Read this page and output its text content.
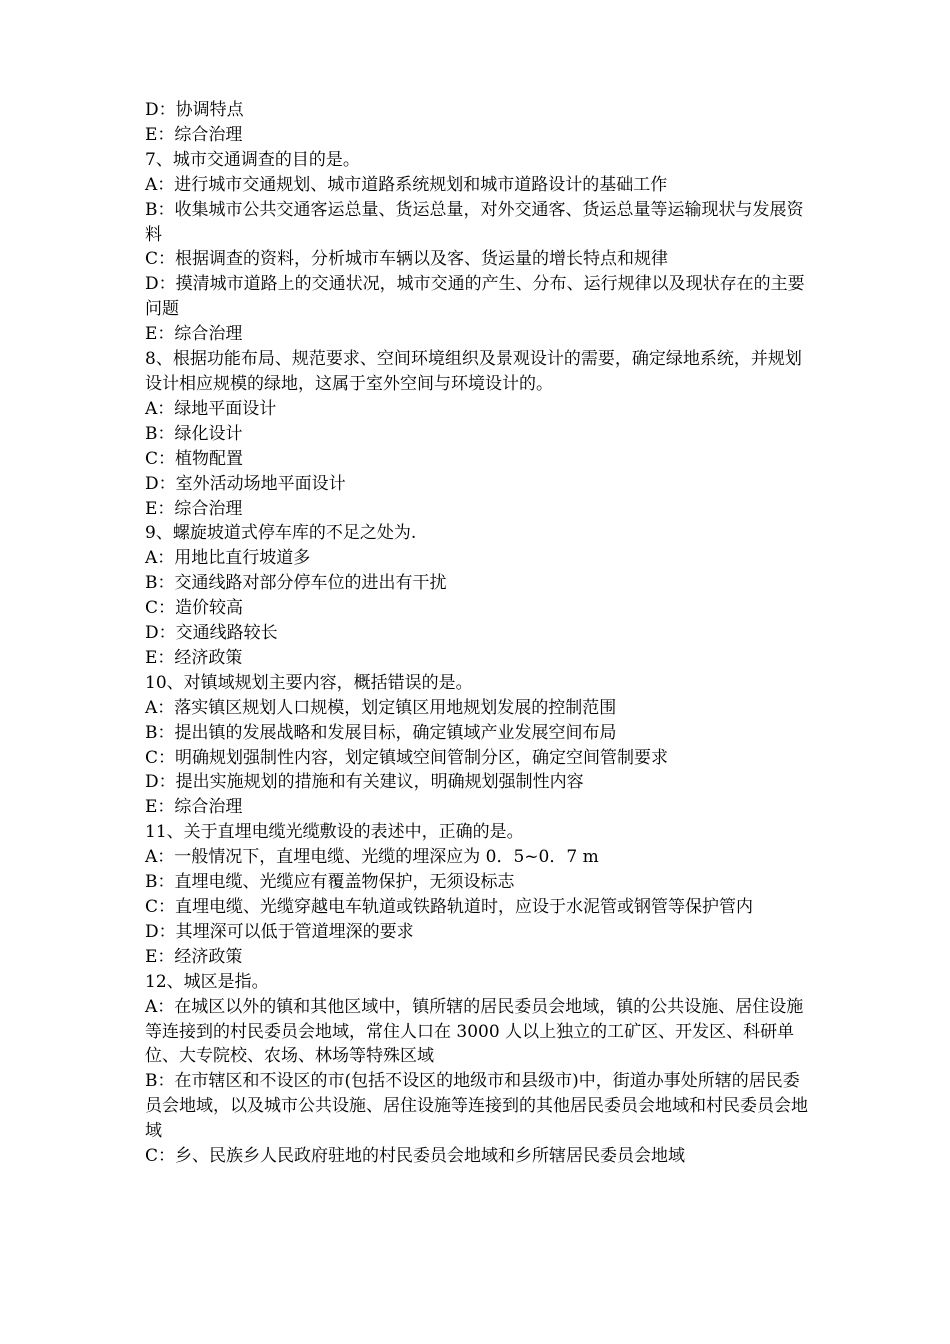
D：协调特点
E：综合治理
7、城市交通调查的目的是。
A：进行城市交通规划、城市道路系统规划和城市道路设计的基础工作
B：收集城市公共交通客运总量、货运总量，对外交通客、货运总量等运输现状与发展资料
C：根据调查的资料，分析城市车辆以及客、货运量的增长特点和规律
D：摸清城市道路上的交通状况，城市交通的产生、分布、运行规律以及现状存在的主要问题
E：综合治理
8、根据功能布局、规范要求、空间环境组织及景观设计的需要，确定绿地系统，并规划设计相应规模的绿地，这属于室外空间与环境设计的。
A：绿地平面设计
B：绿化设计
C：植物配置
D：室外活动场地平面设计
E：综合治理
9、螺旋坡道式停车库的不足之处为.
A：用地比直行坡道多
B：交通线路对部分停车位的进出有干扰
C：造价较高
D：交通线路较长
E：经济政策
10、对镇域规划主要内容，概括错误的是。
A：落实镇区规划人口规模，划定镇区用地规划发展的控制范围
B：提出镇的发展战略和发展目标，确定镇域产业发展空间布局
C：明确规划强制性内容，划定镇域空间管制分区，确定空间管制要求
D：提出实施规划的措施和有关建议，明确规划强制性内容
E：综合治理
11、关于直埋电缆光缆敷设的表述中，正确的是。
A：一般情况下，直埋电缆、光缆的埋深应为 0．5~0．7 m
B：直埋电缆、光缆应有覆盖物保护，无须设标志
C：直埋电缆、光缆穿越电车轨道或铁路轨道时，应设于水泥管或钢管等保护管内
D：其埋深可以低于管道埋深的要求
E：经济政策
12、城区是指。
A：在城区以外的镇和其他区域中，镇所辖的居民委员会地域，镇的公共设施、居住设施等连接到的村民委员会地域，常住人口在 3000 人以上独立的工矿区、开发区、科研单位、大专院校、农场、林场等特殊区域
B：在市辖区和不设区的市(包括不设区的地级市和县级市)中，街道办事处所辖的居民委员会地域，以及城市公共设施、居住设施等连接到的其他居民委员会地域和村民委员会地域
C：乡、民族乡人民政府驻地的村民委员会地域和乡所辖居民委员会地域
